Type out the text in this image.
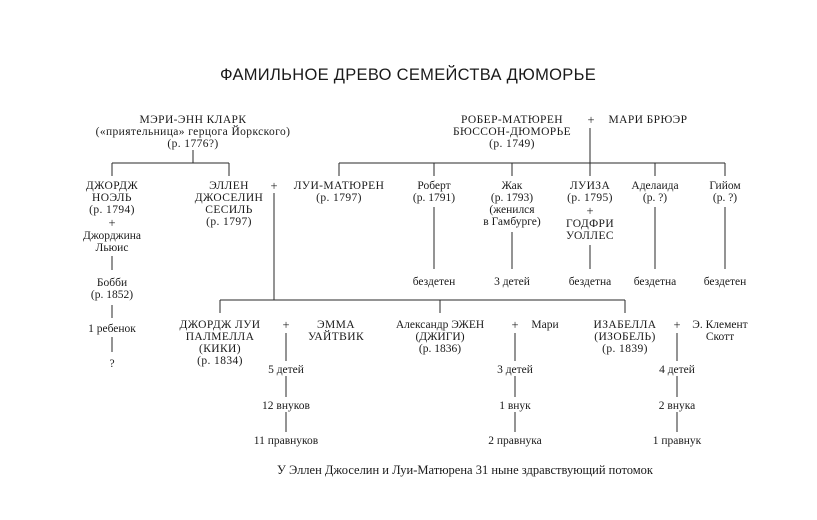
ФАМИЛЬНОЕ ДРЕВО СЕМЕЙСТВА ДЮМОРЬЕ
МЭРИ-ЭНН КЛАРК
(«приятельница» герцога Йоркского)
(р. 1776?)
РОБЕР-МАТЮРЕН
БЮССОН-ДЮМОРЬЕ
(р. 1749)
+ МАРИ БРЮЭР
ДЖОРДЖ
НОЭЛЬ
(р. 1794)
+
Джорджина
Льюис
Бобби
(р. 1852)
1 ребенок
?
ЭЛЛЕН
ДЖОСЕЛИН
СЕСИЛЬ
(р. 1797)
+ ЛУИ-МАТЮРЕН
(р. 1797)
Роберт
(р. 1791)
бездетен
Жак
(р. 1793)
(женился
в Гамбурге)
3 детей
ЛУИЗА
(р. 1795)
+
ГОДФРИ
УОЛЛЕС
бездетна
Аделаида
(р. ?)
бездетна
Гийом
(р. ?)
бездетен
ДЖОРДЖ ЛУИ
ПАЛМЕЛЛА
(КИКИ)
(р. 1834)
+	ЭММА
УАЙТВИК
5 детей
12 внуков
11 правнуков
Александр ЭЖЕН
(ДЖИГИ)
(р. 1836)
+ Мари
3 детей
1 внук
2 правнука
ИЗАБЕЛЛА
(ИЗОБЕЛЬ)
(р. 1839)
+ Э. Клемент
Скотт
4 детей
2 внука
1 правнук
У Эллен Джоселин и Луи-Матюрена 31 ныне здравствующий потомок
